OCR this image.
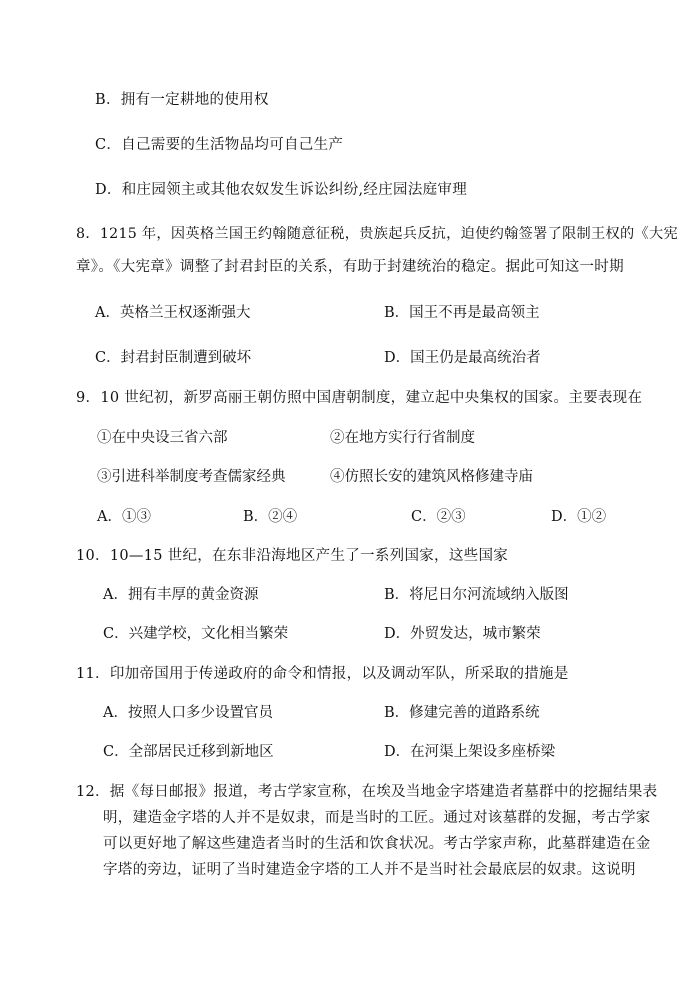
B．拥有一定耕地的使用权
C．自己需要的生活物品均可自己生产
D．和庄园领主或其他农奴发生诉讼纠纷,经庄园法庭审理
8．1215 年，因英格兰国王约翰随意征税，贵族起兵反抗，迫使约翰签署了限制王权的《大宪
章》。《大宪章》调整了封君封臣的关系，有助于封建统治的稳定。据此可知这一时期
A．英格兰王权逐渐强大	B．国王不再是最高领主
C．封君封臣制遭到破坏	D．国王仍是最高统治者
9．10 世纪初，新罗高丽王朝仿照中国唐朝制度，建立起中央集权的国家。主要表现在
①在中央设三省六部	②在地方实行行省制度
③引进科举制度考查儒家经典	④仿照长安的建筑风格修建寺庙
A．①③	B．②④	C．②③	D．①②
10．10—15 世纪，在东非沿海地区产生了一系列国家，这些国家
A．拥有丰厚的黄金资源	B．将尼日尔河流域纳入版图
C．兴建学校，文化相当繁荣	D．外贸发达，城市繁荣
11．印加帝国用于传递政府的命令和情报，以及调动军队，所采取的措施是
A．按照人口多少设置官员	B．修建完善的道路系统
C．全部居民迁移到新地区	D．在河渠上架设多座桥梁
12．据《每日邮报》报道，考古学家宣称，在埃及当地金字塔建造者墓群中的挖掘结果表
明，建造金字塔的人并不是奴隶，而是当时的工匠。通过对该墓群的发掘，考古学家
可以更好地了解这些建造者当时的生活和饮食状况。考古学家声称，此墓群建造在金
字塔的旁边，证明了当时建造金字塔的工人并不是当时社会最底层的奴隶。这说明
